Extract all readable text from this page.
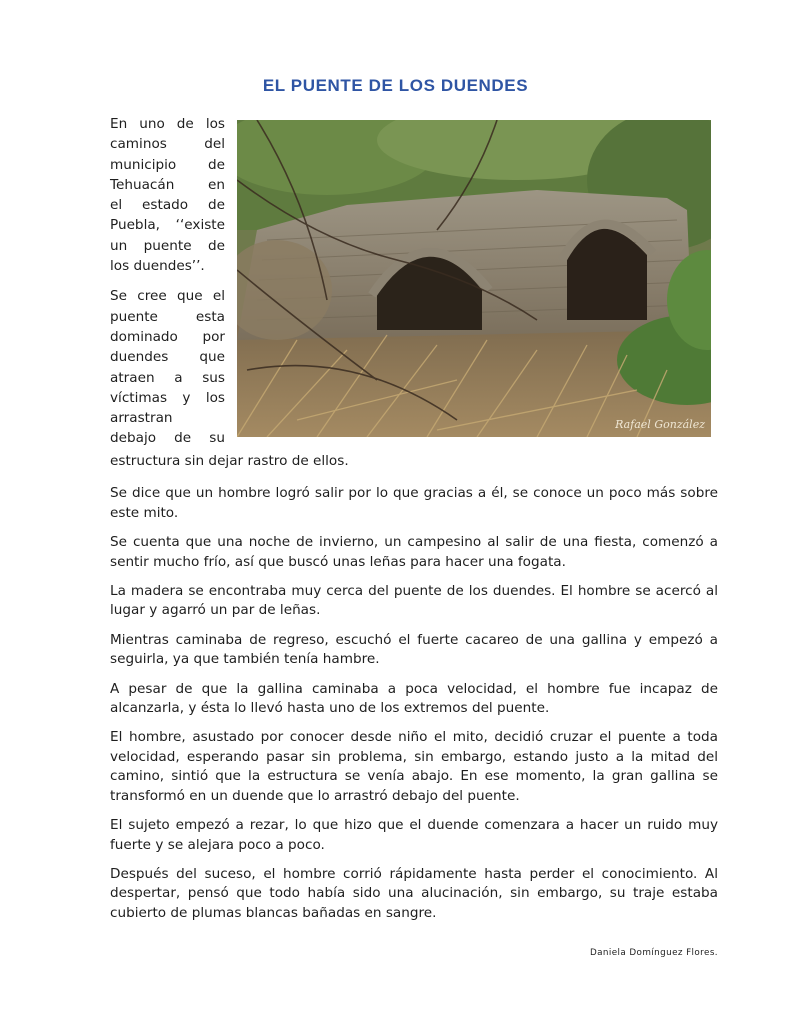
EL PUENTE DE LOS DUENDES

En uno de los
caminos del
municipio de
Tehuacán en
el estado de
Puebla, ‘‘existe
un puente de
los duendes’’.

Se cree que el
puente esta
dominado por
duendes que
atraen a sus
víctimas y los
arrastran
debajo de su

Rafael González

estructura sin dejar rastro de ellos.

Se dice que un hombre logró salir por lo que gracias a él, se conoce un poco más sobre este mito.

Se cuenta que una noche de invierno, un campesino al salir de una fiesta, comenzó a sentir mucho frío, así que buscó unas leñas para hacer una fogata.

La madera se encontraba muy cerca del puente de los duendes. El hombre se acercó al lugar y agarró un par de leñas.

Mientras caminaba de regreso, escuchó el fuerte cacareo de una gallina y empezó a seguirla, ya que también tenía hambre.

A pesar de que la gallina caminaba a poca velocidad, el hombre fue incapaz de alcanzarla, y ésta lo llevó hasta uno de los extremos del puente.

El hombre, asustado por conocer desde niño el mito, decidió cruzar el puente a toda velocidad, esperando pasar sin problema, sin embargo, estando justo a la mitad del camino, sintió que la estructura se venía abajo. En ese momento, la gran gallina se transformó en un duende que lo arrastró debajo del puente.

El sujeto empezó a rezar, lo que hizo que el duende comenzara a hacer un ruido muy fuerte y se alejara poco a poco.

Después del suceso, el hombre corrió rápidamente hasta perder el conocimiento. Al despertar, pensó que todo había sido una alucinación, sin embargo, su traje estaba cubierto de plumas blancas bañadas en sangre.

Daniela Domínguez Flores.
